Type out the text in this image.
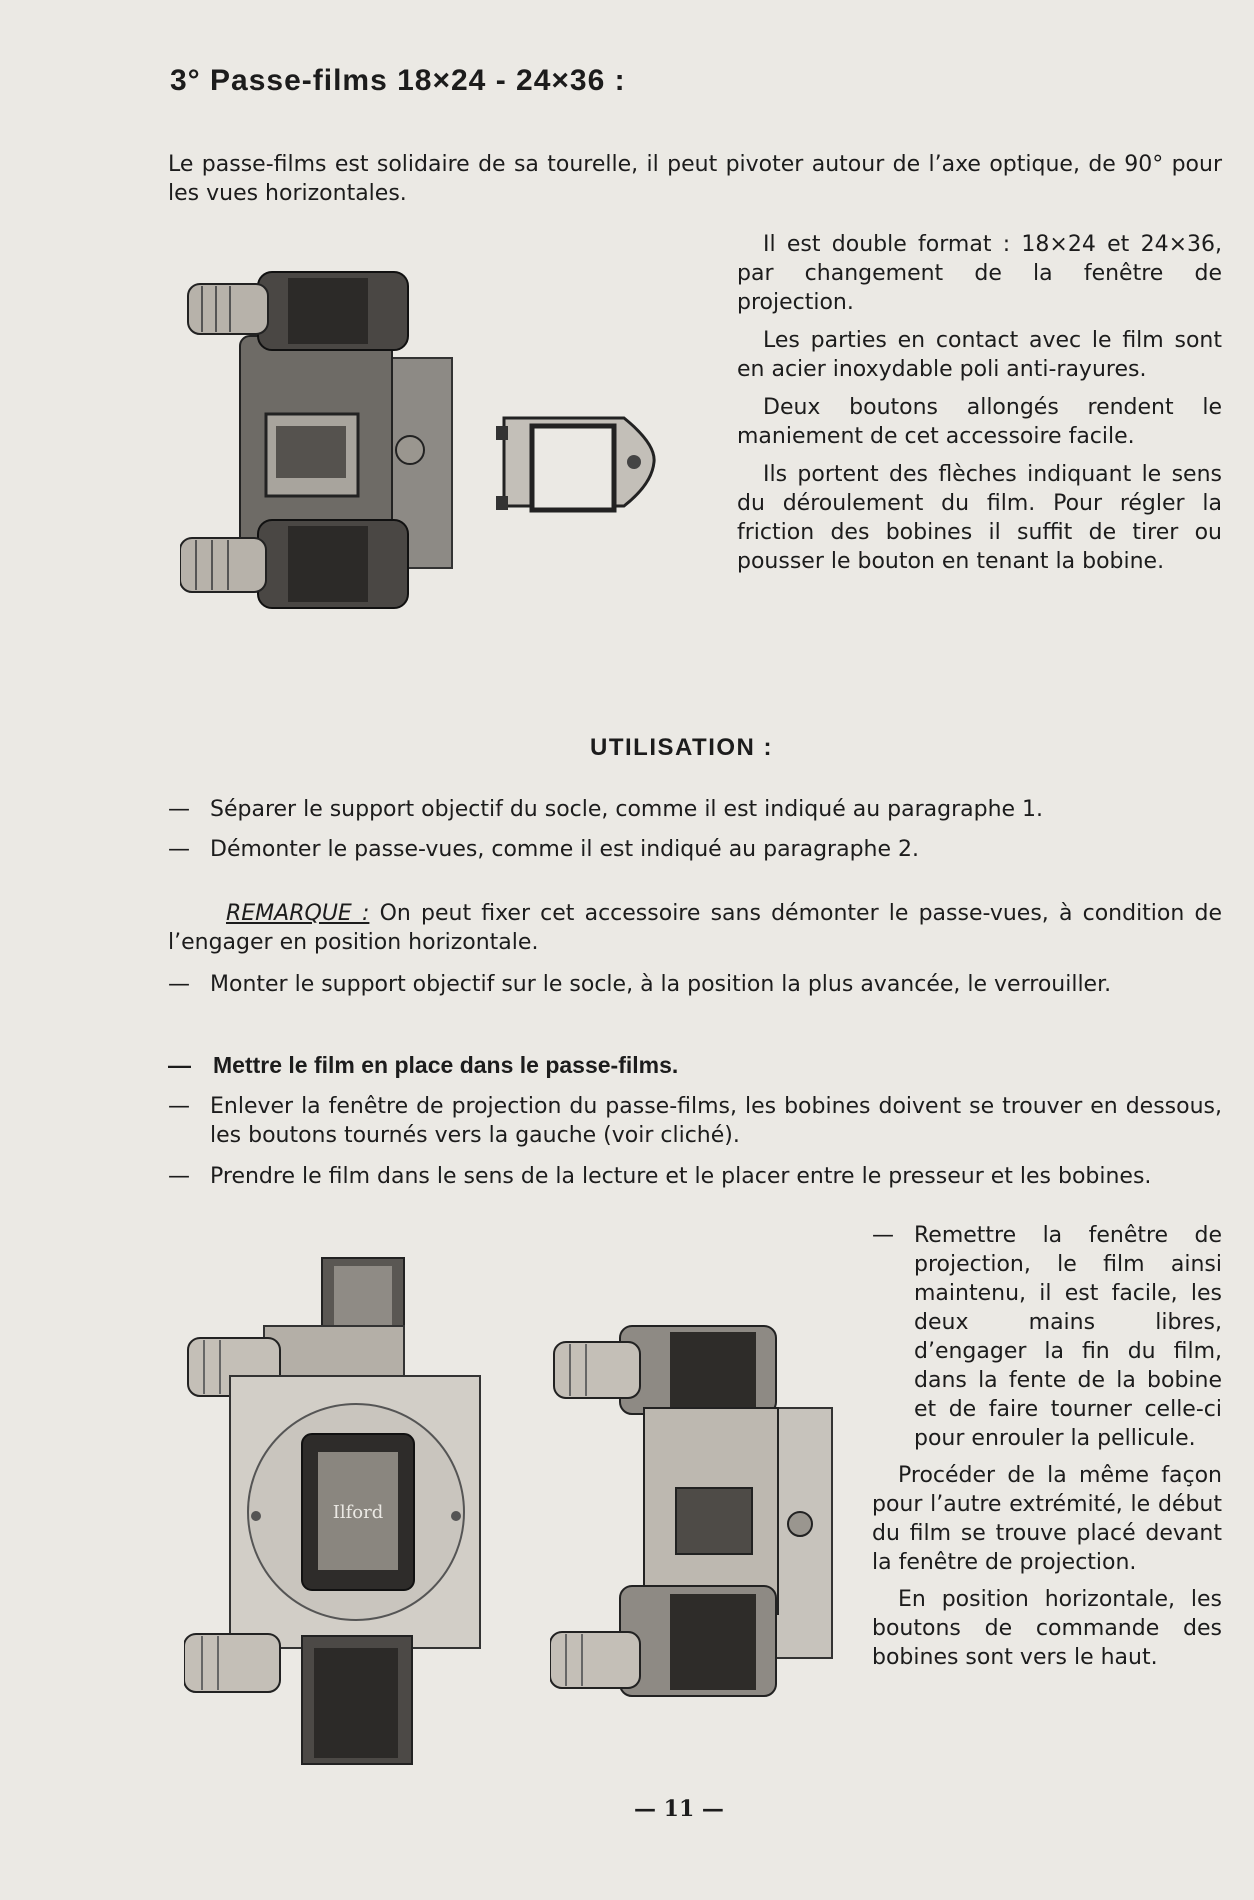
3° Passe-films 18×24 - 24×36 :

Le passe-films est solidaire de sa tourelle, il peut pivoter autour de l’axe optique, de 90° pour les vues horizontales.

Il est double format : 18×24 et 24×36, par changement de la fenêtre de projection.

Les parties en contact avec le film sont en acier inoxydable poli anti-rayures.

Deux boutons allongés rendent le maniement de cet accessoire facile.

Ils portent des flèches indiquant le sens du déroulement du film. Pour régler la friction des bobines il suffit de tirer ou pousser le bouton en tenant la bobine.

UTILISATION :
— Séparer le support objectif du socle, comme il est indiqué au paragraphe 1.
— Démonter le passe-vues, comme il est indiqué au paragraphe 2.
REMARQUE : On peut fixer cet accessoire sans démonter le passe-vues, à condition de l’engager en position horizontale.
— Monter le support objectif sur le socle, à la position la plus avancée, le verrouiller.
— Mettre le film en place dans le passe-films.
— Enlever la fenêtre de projection du passe-films, les bobines doivent se trouver en dessous, les boutons tournés vers la gauche (voir cliché).
— Prendre le film dans le sens de la lecture et le placer entre le presseur et les bobines.
Ilford
— Remettre la fenêtre de projection, le film ainsi maintenu, il est facile, les deux mains libres, d’engager la fin du film, dans la fente de la bobine et de faire tourner celle-ci pour enrouler la pellicule.

Procéder de la même façon pour l’autre extrémité, le début du film se trouve placé devant la fenêtre de projection.

En position horizontale, les boutons de commande des bobines sont vers le haut.

— 11 —
